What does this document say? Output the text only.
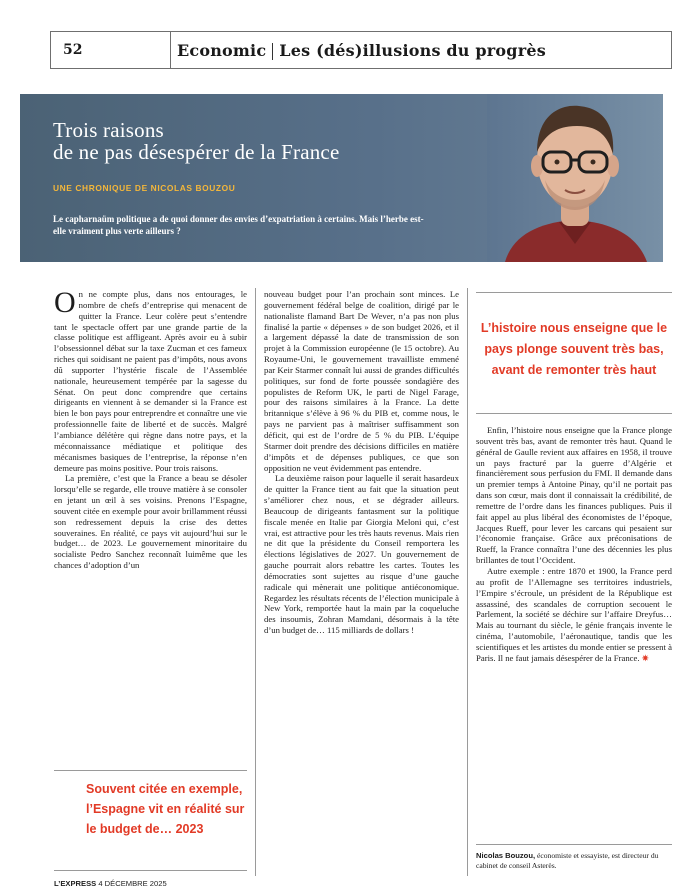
52	Economic Les (dés)illusions du progrès
Trois raisons
de ne pas désespérer de la France
UNE CHRONIQUE DE NICOLAS BOUZOU
Le capharnaüm politique a de quoi donner des envies d’expatriation à certains. Mais l’herbe est-elle vraiment plus verte ailleurs ?

On ne compte plus, dans nos entourages, le nombre de chefs d’entreprise qui menacent de quitter la France. Leur colère peut s’entendre tant le spectacle offert par une grande partie de la classe politique est affligeant. Après avoir eu à subir l’obsessionnel débat sur la taxe Zucman et ces fameux riches qui soidisant ne paient pas d’impôts, nous avons dû supporter l’hystérie fiscale de l’Assemblée nationale, heureusement tempérée par la sagesse du Sénat. On peut donc comprendre que certains dirigeants en viennent à se demander si la France est bien le bon pays pour entreprendre et connaître une vie professionnelle faite de liberté et de succès. Malgré l’ambiance délétère qui règne dans notre pays, et la méconnaissance médiatique et politique des mécanismes basiques de l’entreprise, la réponse n’en demeure pas moins positive. Pour trois raisons.

La première, c’est que la France a beau se désoler lorsqu’elle se regarde, elle trouve matière à se consoler en jetant un œil à ses voisins. Prenons l’Espagne, souvent citée en exemple pour avoir brillamment réussi son redressement depuis la crise des dettes souveraines. En réalité, ce pays vit aujourd’hui sur le budget… de 2023. Le gouvernement minoritaire du socialiste Pedro Sanchez reconnaît luimême que les chances d’adoption d’un

Souvent citée en exemple, l’Espagne vit en réalité sur le budget de… 2023

nouveau budget pour l’an prochain sont minces. Le gouvernement fédéral belge de coalition, dirigé par le nationaliste flamand Bart De Wever, n’a pas non plus finalisé la partie « dépenses » de son budget 2026, et il a largement dépassé la date de transmission de son projet à la Commission européenne (le 15 octobre). Au Royaume-Uni, le gouvernement travailliste emmené par Keir Starmer connaît lui aussi de grandes difficultés politiques, sur fond de forte poussée sondagière des populistes de Reform UK, le parti de Nigel Farage, pour des raisons similaires à la France. La dette britannique s’élève à 96 % du PIB et, comme nous, le pays ne parvient pas à maîtriser suffisamment son déficit, qui est de l’ordre de 5 % du PIB. L’équipe Starmer doit prendre des décisions difficiles en matière d’impôts et de dépenses publiques, ce que son opposition ne veut évidemment pas entendre.

La deuxième raison pour laquelle il serait hasardeux de quitter la France tient au fait que la situation peut s’améliorer chez nous, et se dégrader ailleurs. Beaucoup de dirigeants fantasment sur la politique fiscale menée en Italie par Giorgia Meloni qui, c’est vrai, est attractive pour les très hauts revenus. Mais rien ne dit que la présidente du Conseil remportera les élections législatives de 2027. Un gouvernement de gauche pourrait alors rebattre les cartes. Toutes les démocraties sont sujettes au risque d’une gauche radicale qui mènerait une politique antiéconomique. Regardez les résultats récents de l’élection municipale à New York, remportée haut la main par la coqueluche des insoumis, Zohran Mamdani, désormais à la tête d’un budget de… 115 milliards de dollars !

L’histoire nous enseigne que le pays plonge souvent très bas, avant de remonter très haut

Enfin, l’histoire nous enseigne que la France plonge souvent très bas, avant de remonter très haut. Quand le général de Gaulle revient aux affaires en 1958, il trouve un pays fracturé par la guerre d’Algérie et financièrement sous perfusion du FMI. Il demande dans un premier temps à Antoine Pinay, qu’il ne portait pas dans son cœur, mais dont il connaissait la crédibilité, de remettre de l’ordre dans les finances publiques. Puis il fait appel au plus libéral des économistes de l’époque, Jacques Rueff, pour lever les carcans qui pesaient sur l’économie française. Grâce aux préconisations de Rueff, la France connaîtra l’une des décennies les plus brillantes de tout l’Occident.

Autre exemple : entre 1870 et 1900, la France perd au profit de l’Allemagne ses territoires industriels, l’Empire s’écroule, un président de la République est assassiné, des scandales de corruption secouent le Parlement, la société se déchire sur l’affaire Dreyfus… Mais au tournant du siècle, le génie français invente le cinéma, l’automobile, l’aéronautique, tandis que les scientifiques et les artistes du monde entier se pressent à Paris. Il ne faut jamais désespérer de la France. ✷

Nicolas Bouzou, économiste et essayiste, est directeur du cabinet de conseil Asterès.
L’EXPRESS 4 DÉCEMBRE 2025
